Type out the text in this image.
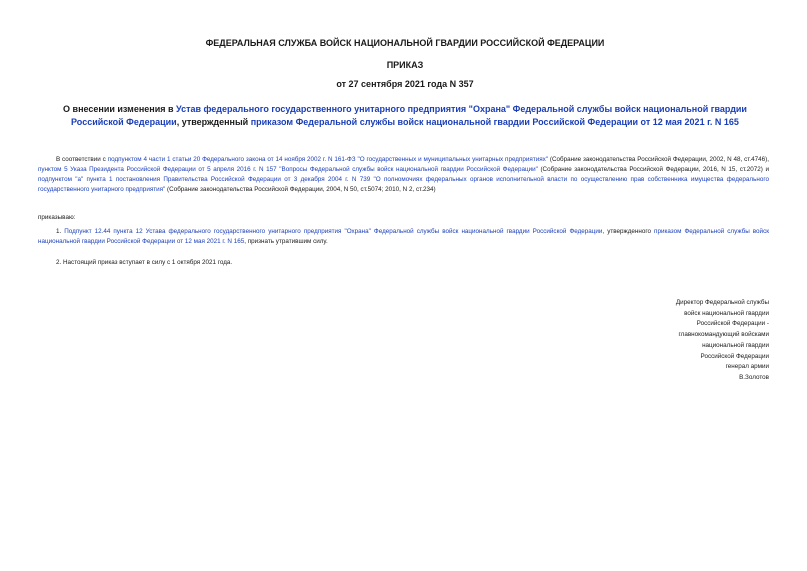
ФЕДЕРАЛЬНАЯ СЛУЖБА ВОЙСК НАЦИОНАЛЬНОЙ ГВАРДИИ РОССИЙСКОЙ ФЕДЕРАЦИИ
ПРИКАЗ
от 27 сентября 2021 года N 357
О внесении изменения в Устав федерального государственного унитарного предприятия "Охрана" Федеральной службы войск национальной гвардии Российской Федерации, утвержденный приказом Федеральной службы войск национальной гвардии Российской Федерации от 12 мая 2021 г. N 165
В соответствии с подпунктом 4 части 1 статьи 20 Федерального закона от 14 ноября 2002 г. N 161-ФЗ "О государственных и муниципальных унитарных предприятиях" (Собрание законодательства Российской Федерации, 2002, N 48, ст.4746), пунктом 5 Указа Президента Российской Федерации от 5 апреля 2016 г. N 157 "Вопросы Федеральной службы войск национальной гвардии Российской Федерации" (Собрание законодательства Российской Федерации, 2016, N 15, ст.2072) и подпунктом "а" пункта 1 постановления Правительства Российской Федерации от 3 декабря 2004 г. N 739 "О полномочиях федеральных органов исполнительной власти по осуществлению прав собственника имущества федерального государственного унитарного предприятия" (Собрание законодательства Российской Федерации, 2004, N 50, ст.5074; 2010, N 2, ст.234)
приказываю:
1. Подпункт 12.44 пункта 12 Устава федерального государственного унитарного предприятия "Охрана" Федеральной службы войск национальной гвардии Российской Федерации, утвержденного приказом Федеральной службы войск национальной гвардии Российской Федерации от 12 мая 2021 г. N 165, признать утратившим силу.
2. Настоящий приказ вступает в силу с 1 октября 2021 года.
Директор Федеральной службы
войск национальной гвардии
Российской Федерации -
главнокомандующий войсками
национальной гвардии
Российской Федерации
генерал армии
В.Золотов
